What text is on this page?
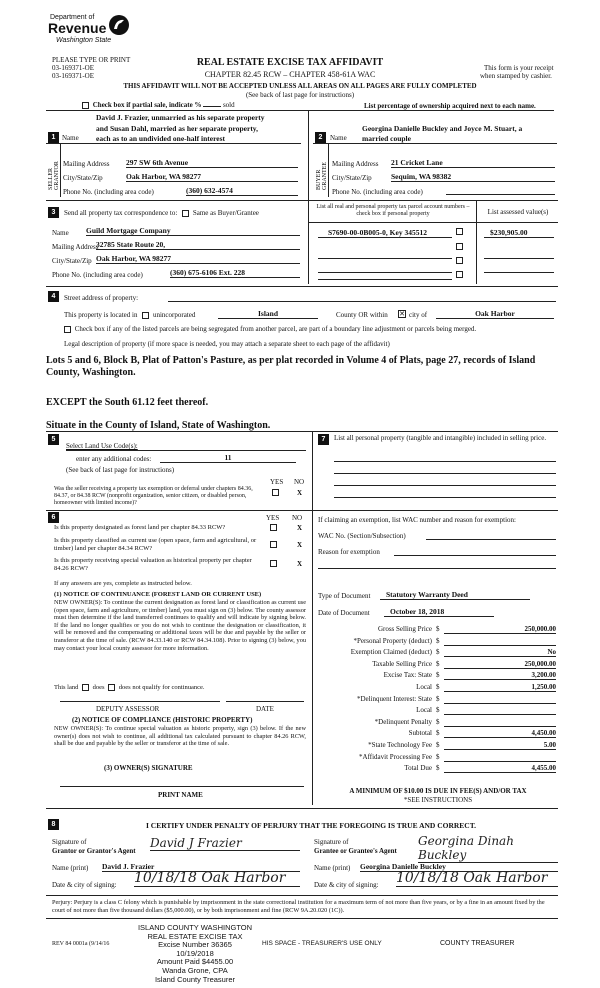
Department of
Revenue
Washington State
PLEASE TYPE OR PRINT
03-169371-OE
03-169371-OE
REAL ESTATE EXCISE TAX AFFIDAVIT
CHAPTER 82.45 RCW – CHAPTER 458-61A WAC
This form is your receipt
when stamped by cashier.
THIS AFFIDAVIT WILL NOT BE ACCEPTED UNLESS ALL AREAS ON ALL PAGES ARE FULLY COMPLETED
(See back of last page for instructions)
Check box if partial sale, indicate %	sold	List percentage of ownership acquired next to each name.
1 Name
David J. Frazier, unmarried as his separate property
and Susan Dahl, married as her separate property,
each as to an undivided one-half interest
SELLER GRANTOR Mailing Address 297 SW 6th Avenue
City/State/Zip	Oak Harbor, WA 98277
Phone No. (including area code)	(360) 632-4574
2	Name
Georgina Danielle Buckley and Joyce M. Stuart, a
married couple
BUYER GRANTEE Mailing Address 21 Cricket Lane
City/State/Zip	Sequim, WA 98382
Phone No. (including area code)
3	Send all property tax correspondence to: Same as Buyer/Grantee
Name Guild Mortgage Company
Mailing Address
32785 State Route 20,
City/State/Zip Oak Harbor, WA 98277
Phone No. (including area code)	(360) 675-6106 Ext. 228
List all real and personal property tax parcel account numbers – check box if personal property	List assessed value(s)
S7690-00-0B005-0, Key 345512	$230,905.00
4	Street address of property:
This property is located in unincorporated	Island	County OR within ✕ city of	Oak Harbor
Check box if any of the listed parcels are being segregated from another parcel, are part of a boundary line adjustment or parcels being merged.
Legal description of property (if more space is needed, you may attach a separate sheet to each page of the affidavit)
Lots 5 and 6, Block B, Plat of Patton's Pasture, as per plat recorded in Volume 4 of Plats, page 27, records of Island County, Washington.
EXCEPT the South 61.12 feet thereof.
Situate in the County of Island, State of Washington.
5
Select Land Use Code(s):
enter any additional codes:	11
(See back of last page for instructions)
YES NO
Was the seller receiving a property tax exemption or deferral under chapters 84.36, 84.37, or 84.38 RCW (nonprofit organization, senior citizen, or disabled person, homeowner with limited income)?
X
6	YES NO
Is this property designated as forest land per chapter 84.33 RCW?	X
Is this property classified as current use (open space, farm and agricultural, or timber) land per chapter 84.34 RCW?	X
Is this property receiving special valuation as historical property per chapter 84.26 RCW?	X
If any answers are yes, complete as instructed below.
(1) NOTICE OF CONTINUANCE (FOREST LAND OR CURRENT USE)
NEW OWNER(S): To continue the current designation as forest land or classification as current use (open space, farm and agriculture, or timber) land, you must sign on (3) below. The county assessor must then determine if the land transferred continues to qualify and will indicate by signing below. If the land no longer qualifies or you do not wish to continue the designation or classification, it will be removed and the compensating or additional taxes will be due and payable by the seller or transferor at the time of sale. (RCW 84.33.140 or RCW 84.34.108). Prior to signing (3) below, you may contact your local county assessor for more information.
This land does does not qualify for continuance.
DEPUTY ASSESSOR	DATE
(2) NOTICE OF COMPLIANCE (HISTORIC PROPERTY)
NEW OWNER(S): To continue special valuation as historic property, sign (3) below. If the new owner(s) does not wish to continue, all additional tax calculated pursuant to chapter 84.26 RCW, shall be due and payable by the seller or transferor at the time of sale.
(3) OWNER(S) SIGNATURE
PRINT NAME
7	List all personal property (tangible and intangible) included in selling price.
If claiming an exemption, list WAC number and reason for exemption:
WAC No. (Section/Subsection)
Reason for exemption
Type of Document	Statutory Warranty Deed
Date of Document	October 18, 2018
Gross Selling Price $	250,000.00
*Personal Property (deduct) $
Exemption Claimed (deduct) $	No
Taxable Selling Price $	250,000.00
Excise Tax: State $	3,200.00
Local $	1,250.00
*Delinquent Interest: State $
Local $
*Delinquent Penalty $
Subtotal $	4,450.00
*State Technology Fee $	5.00
*Affidavit Processing Fee $
Total Due $	4,455.00
A MINIMUM OF $10.00 IS DUE IN FEE(S) AND/OR TAX
*SEE INSTRUCTIONS
8	I CERTIFY UNDER PENALTY OF PERJURY THAT THE FOREGOING IS TRUE AND CORRECT.
Signature of
Grantor or Grantor's Agent
David J Frazier	Signature of
Grantee or Grantee's Agent
Georgina Dinah Buckley
Name (print) David J. Frazier	Name (print) Georgina Danielle Buckley
Date & city of signing: 10/18/18 Oak Harbor	Date & city of signing: 10/18/18 Oak Harbor
Perjury: Perjury is a class C felony which is punishable by imprisonment in the state correctional institution for a maximum term of not more than five years, or by a fine in an amount fixed by the court of not more than five thousand dollars ($5,000.00), or by both imprisonment and fine (RCW 9A.20.020 (1C)).
REV 84 0001a (9/14/16
ISLAND COUNTY WASHINGTON
REAL ESTATE EXCISE TAX
Excise Number 36365
10/19/2018
Amount Paid $4455.00
Wanda Grone, CPA
Island County Treasurer
HIS SPACE - TREASURER'S USE ONLY	COUNTY TREASURER
